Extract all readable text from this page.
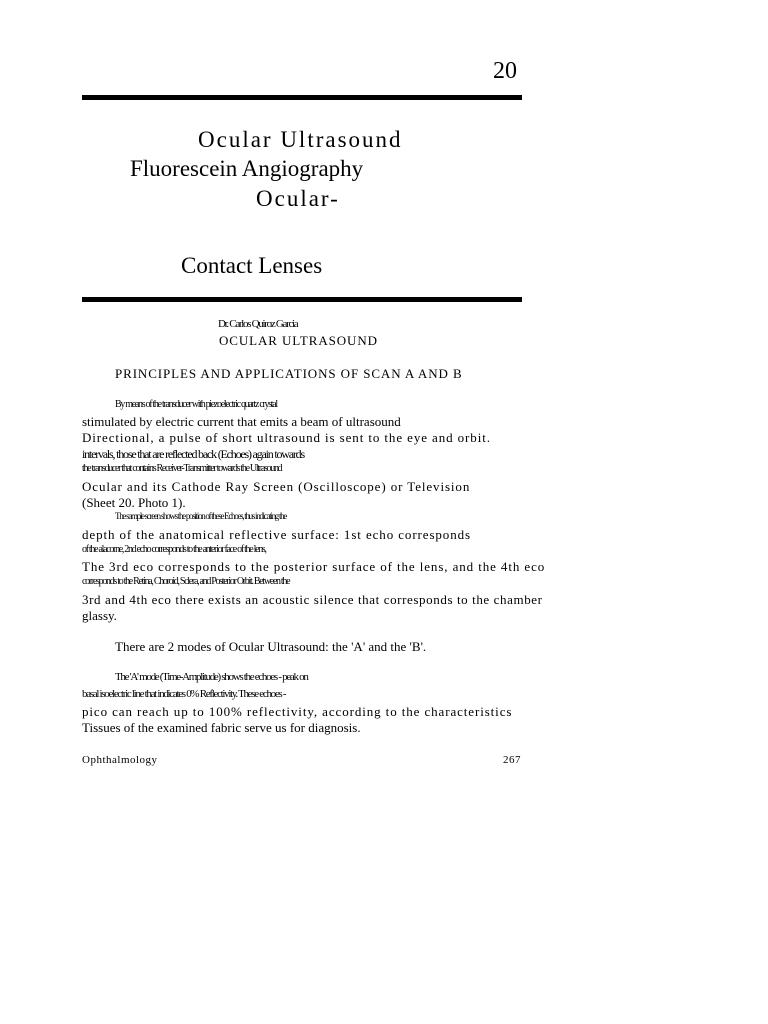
20
Ocular Ultrasound
Fluorescein Angiography
Ocular-
Contact Lenses
Dr. Carlos Quiroz Garcia
OCULAR ULTRASOUND
PRINCIPLES AND APPLICATIONS OF SCAN A AND B
By means of the transducer with piezoelectric quartz crystal
stimulated by electric current that emits a beam of ultrasound
Directional, a pulse of short ultrasound is sent to the eye and orbit.
intervals, those that are reflected back (Echoes) again towards
the transducer that contains Receiver-Transmitter towards the Ultrasound
Ocular and its Cathode Ray Screen (Oscilloscope) or Television
(Sheet 20. Photo 1).
The sample screen shows the position of these Echoes, thus indicating the
depth of the anatomical reflective surface: 1st echo corresponds
of the alacorne, 2nd echo corresponds to the anterior face of the lens,
The 3rd eco corresponds to the posterior surface of the lens, and the 4th eco
corresponds to the Retina, Choroid, Sclera, and Posterior Orbit. Between the
3rd and 4th eco there exists an acoustic silence that corresponds to the chamber
glassy.
There are 2 modes of Ocular Ultrasound: the 'A' and the 'B'.
The 'A' mode (Time-Amplitude) shows the echoes - peak on
basal isoelectric line that indicates 0% Reflectivity. These echoes -
pico can reach up to 100% reflectivity, according to the characteristics
Tissues of the examined fabric serve us for diagnosis.
Ophthalmology	267
